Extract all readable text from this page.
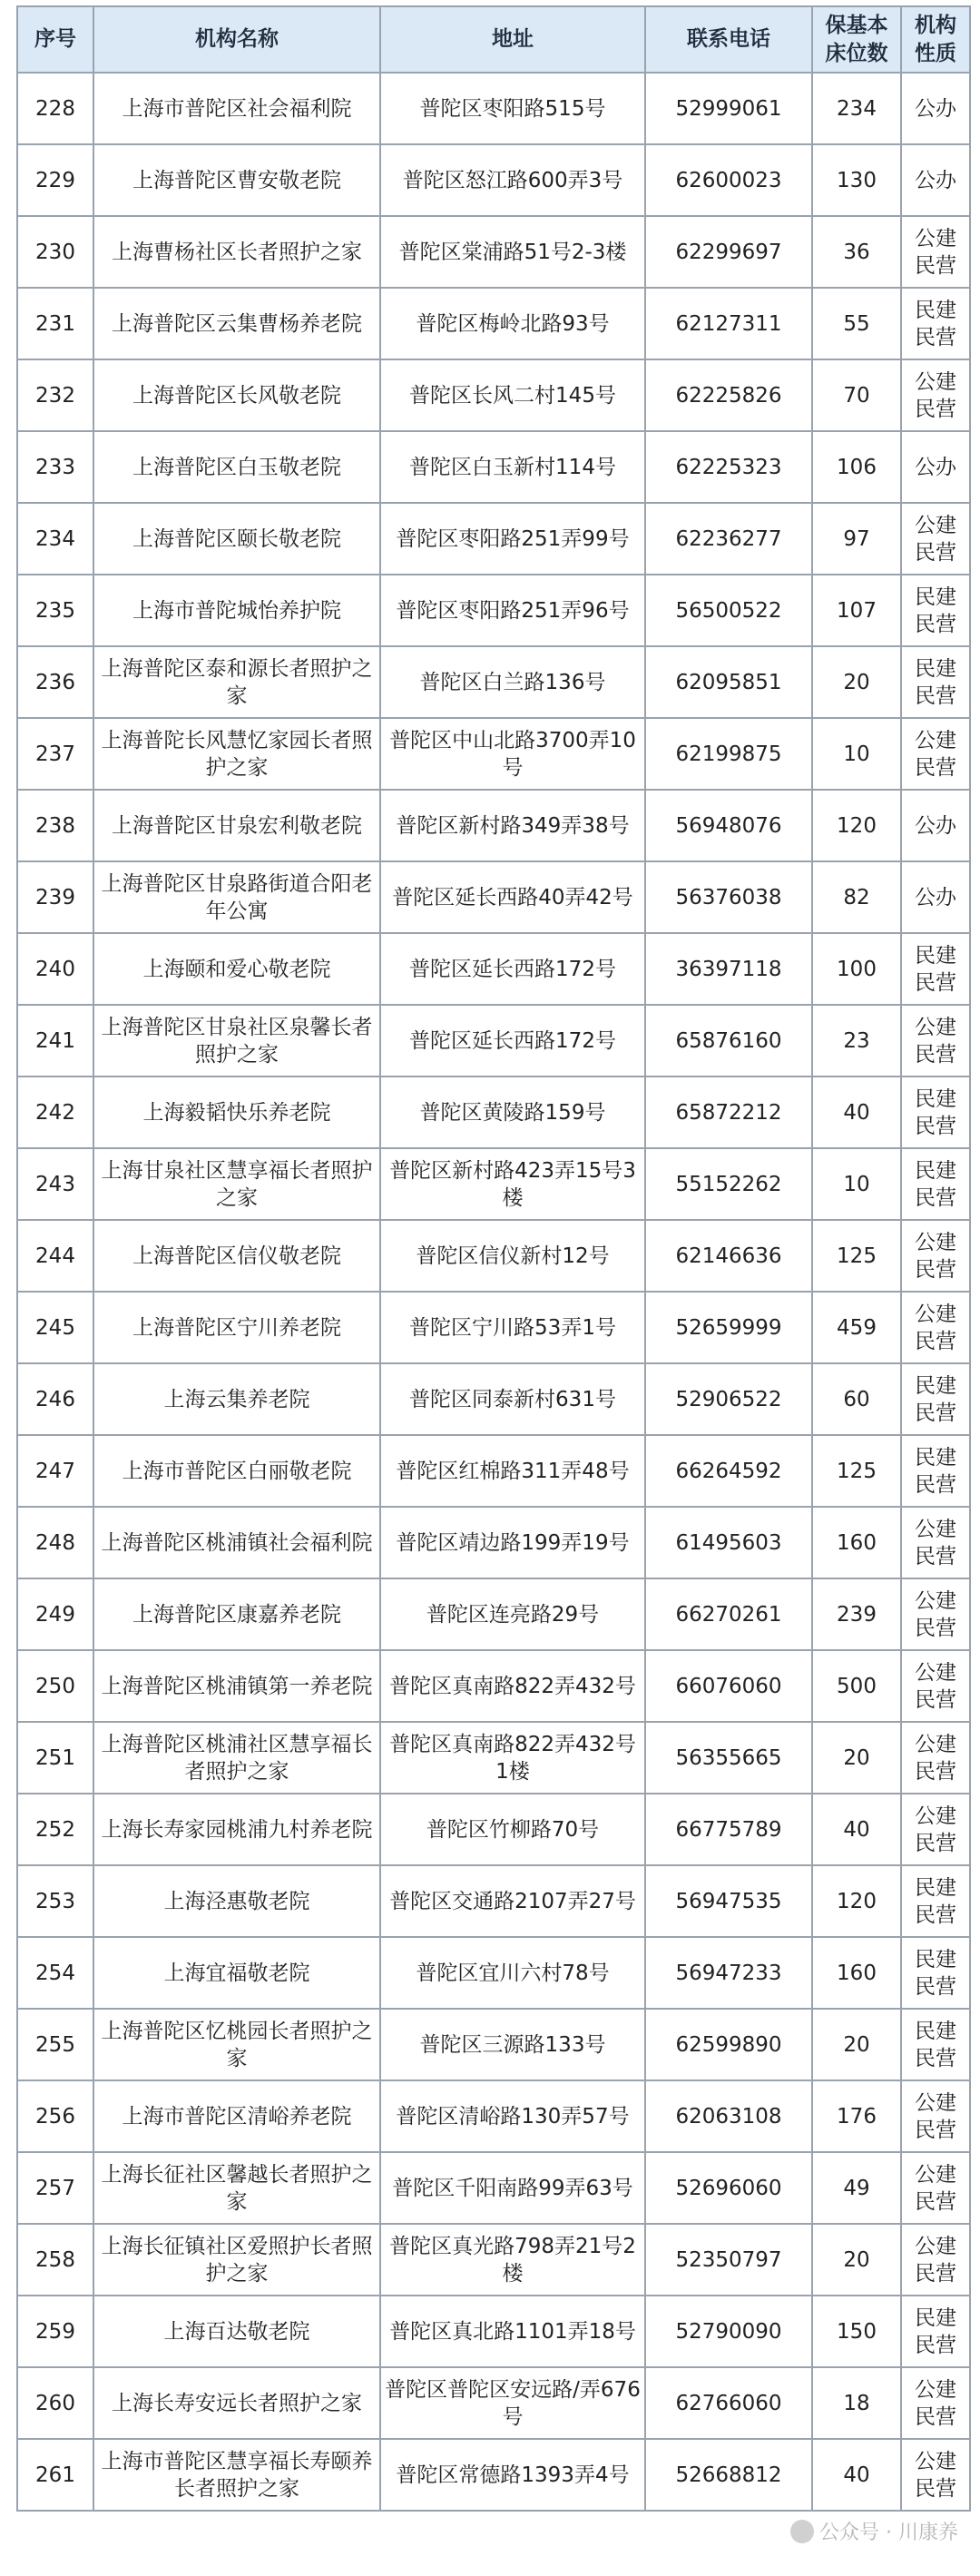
序号	机构名称	地址	联系电话	保基本床位数	机构性质
228	上海市普陀区社会福利院	普陀区枣阳路515号	52999061	234	公办
229	上海普陀区曹安敬老院	普陀区怒江路600弄3号	62600023	130	公办
230	上海曹杨社区长者照护之家	普陀区棠浦路51号2-3楼	62299697	36	公建民营
231	上海普陀区云集曹杨养老院	普陀区梅岭北路93号	62127311	55	民建民营
232	上海普陀区长风敬老院	普陀区长风二村145号	62225826	70	公建民营
233	上海普陀区白玉敬老院	普陀区白玉新村114号	62225323	106	公办
234	上海普陀区颐长敬老院	普陀区枣阳路251弄99号	62236277	97	公建民营
235	上海市普陀城怡养护院	普陀区枣阳路251弄96号	56500522	107	民建民营
236	上海普陀区泰和源长者照护之家	普陀区白兰路136号	62095851	20	民建民营
237	上海普陀长风慧忆家园长者照护之家	普陀区中山北路3700弄10号	62199875	10	公建民营
238	上海普陀区甘泉宏利敬老院	普陀区新村路349弄38号	56948076	120	公办
239	上海普陀区甘泉路街道合阳老年公寓	普陀区延长西路40弄42号	56376038	82	公办
240	上海颐和爱心敬老院	普陀区延长西路172号	36397118	100	民建民营
241	上海普陀区甘泉社区泉馨长者照护之家	普陀区延长西路172号	65876160	23	公建民营
242	上海毅韬快乐养老院	普陀区黄陵路159号	65872212	40	民建民营
243	上海甘泉社区慧享福长者照护之家	普陀区新村路423弄15号3楼	55152262	10	民建民营
244	上海普陀区信仪敬老院	普陀区信仪新村12号	62146636	125	公建民营
245	上海普陀区宁川养老院	普陀区宁川路53弄1号	52659999	459	公建民营
246	上海云集养老院	普陀区同泰新村631号	52906522	60	民建民营
247	上海市普陀区白丽敬老院	普陀区红棉路311弄48号	66264592	125	民建民营
248	上海普陀区桃浦镇社会福利院	普陀区靖边路199弄19号	61495603	160	公建民营
249	上海普陀区康嘉养老院	普陀区连亮路29号	66270261	239	公建民营
250	上海普陀区桃浦镇第一养老院	普陀区真南路822弄432号	66076060	500	公建民营
251	上海普陀区桃浦社区慧享福长者照护之家	普陀区真南路822弄432号1楼	56355665	20	公建民营
252	上海长寿家园桃浦九村养老院	普陀区竹柳路70号	66775789	40	公建民营
253	上海泾惠敬老院	普陀区交通路2107弄27号	56947535	120	民建民营
254	上海宜福敬老院	普陀区宜川六村78号	56947233	160	民建民营
255	上海普陀区忆桃园长者照护之家	普陀区三源路133号	62599890	20	民建民营
256	上海市普陀区清峪养老院	普陀区清峪路130弄57号	62063108	176	公建民营
257	上海长征社区馨越长者照护之家	普陀区千阳南路99弄63号	52696060	49	公建民营
258	上海长征镇社区爱照护长者照护之家	普陀区真光路798弄21号2楼	52350797	20	公建民营
259	上海百达敬老院	普陀区真北路1101弄18号	52790090	150	民建民营
260	上海长寿安远长者照护之家	普陀区普陀区安远路/弄676号	62766060	18	公建民营
261	上海市普陀区慧享福长寿颐养长者照护之家	普陀区常德路1393弄4号	52668812	40	公建民营
公众号 · 川康养
